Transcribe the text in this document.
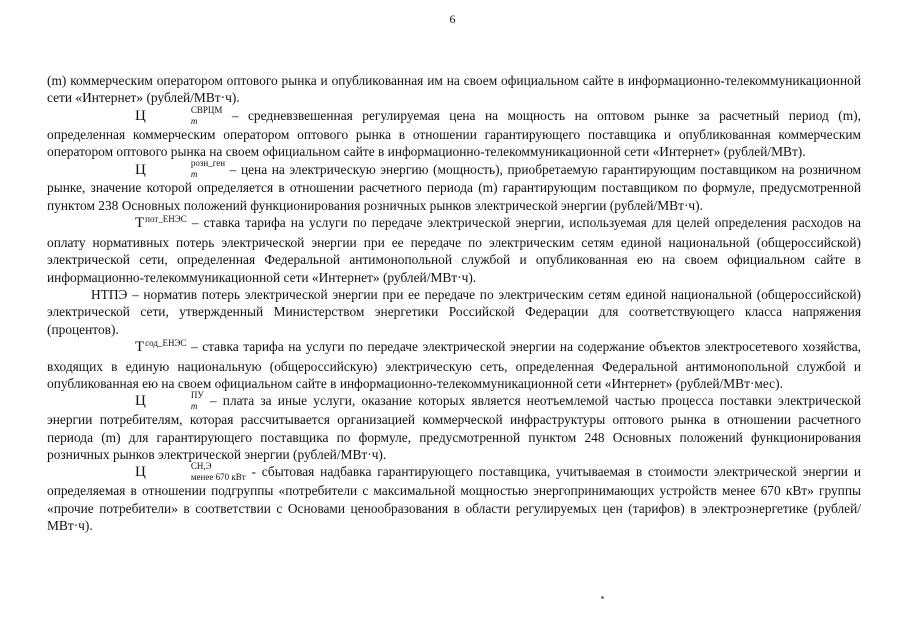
6

(m) коммерческим оператором оптового рынка и опубликованная им на своем официальном сайте в информационно-телекоммуникационной сети «Интернет» (рублей/МВт·ч).

Ц	СВРЦМ
m	– средневзвешенная регулируемая цена на мощность на оптовом рынке за расчетный период (m), определенная коммерческим оператором оптового рынка в отношении гарантирующего поставщика и опубликованная коммерческим оператором оптового рынка на своем официальном сайте в информационно-телекоммуникационной сети «Интернет» (рублей/МВт).

Ц	розн_ген
m	– цена на электрическую энергию (мощность), приобретаемую гарантирующим поставщиком на розничном рынке, значение которой определяется в отношении расчетного периода (m) гарантирующим поставщиком по формуле, предусмотренной пунктом 238 Основных положений функционирования розничных рынков электрической энергии (рублей/МВт·ч).

$Т^{пот\_ЕНЭС}$ – ставка тарифа на услуги по передаче электрической энергии, используемая для целей определения расходов на оплату нормативных потерь электрической энергии при ее передаче по электрическим сетям единой национальной (общероссийской) электрической сети, определенная Федеральной антимонопольной службой и опубликованная ею на своем официальном сайте в информационно-телекоммуникационной сети «Интернет» (рублей/МВт·ч).

НТПЭ – норматив потерь электрической энергии при ее передаче по электрическим сетям единой национальной (общероссийской) электрической сети, утвержденный Министерством энергетики Российской Федерации для соответствующего класса напряжения (процентов).

$Т^{сод\_ЕНЭС}$ – ставка тарифа на услуги по передаче электрической энергии на содержание объектов электросетевого хозяйства, входящих в единую национальную (общероссийскую) электрическую сеть, определенная Федеральной антимонопольной службой и опубликованная ею на своем официальном сайте в информационно-телекоммуникационной сети «Интернет» (рублей/МВт·мес).

Ц	ПУ
m – плата за иные услуги, оказание которых является неотъемлемой частью процесса поставки электрической энергии потребителям, которая рассчитывается организацией коммерческой инфраструктуры оптового рынка в отношении расчетного периода (m) для гарантирующего поставщика по формуле, предусмотренной пунктом 248 Основных положений функционирования розничных рынков электрической энергии (рублей/МВт·ч).

Ц	СН,Э
менее 670 кВт - сбытовая надбавка гарантирующего поставщика, учитываемая в стоимости электрической энергии и определяемая в отношении подгруппы «потребители с максимальной мощностью энергопринимающих устройств менее 670 кВт» группы «прочие потребители» в соответствии с Основами ценообразования в области регулируемых цен (тарифов) в электроэнергетике (рублей/МВт·ч).
